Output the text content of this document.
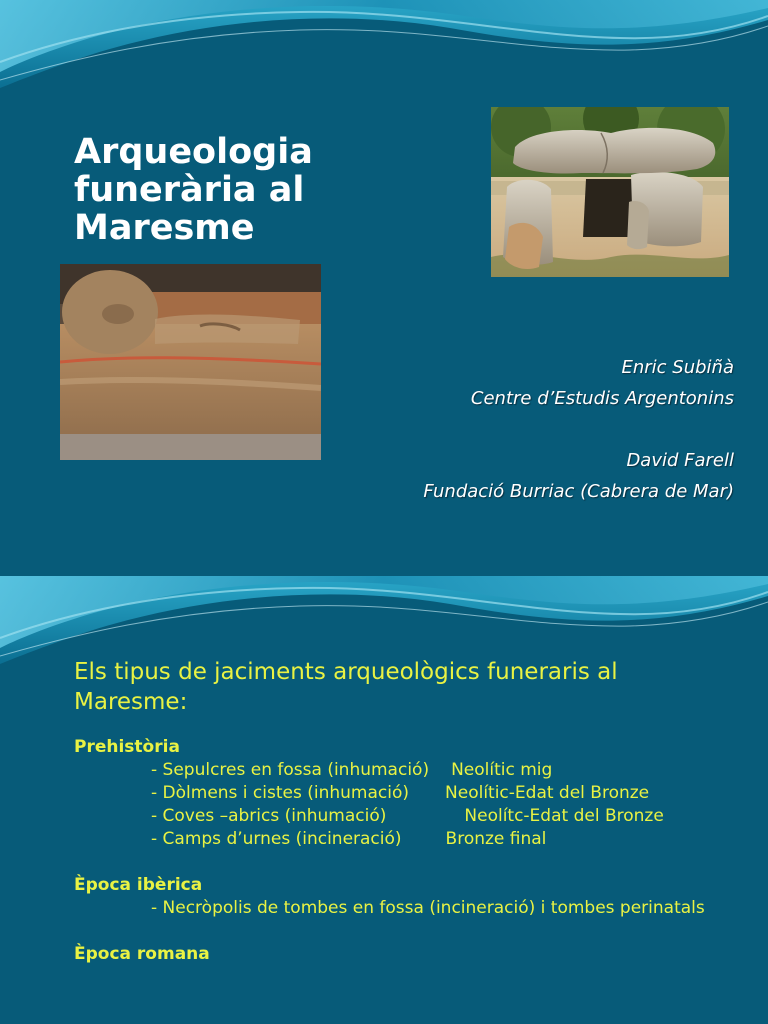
Arqueologia
funerària al
Maresme
Enric Subiñà
Centre d’Estudis Argentonins
David Farell
Fundació Burriac (Cabrera de Mar)
Els tipus de jaciments arqueològics funeraris al Maresme:
Prehistòria
- Sepulcres en fossa (inhumació) Neolític mig
- Dòlmens i cistes (inhumació) Neolític-Edat del Bronze
- Coves –abrics (inhumació)	Neolítc-Edat del Bronze
- Camps d’urnes (incineració)	Bronze final
Època ibèrica
- Necròpolis de tombes en fossa (incineració) i tombes perinatals
Època romana
